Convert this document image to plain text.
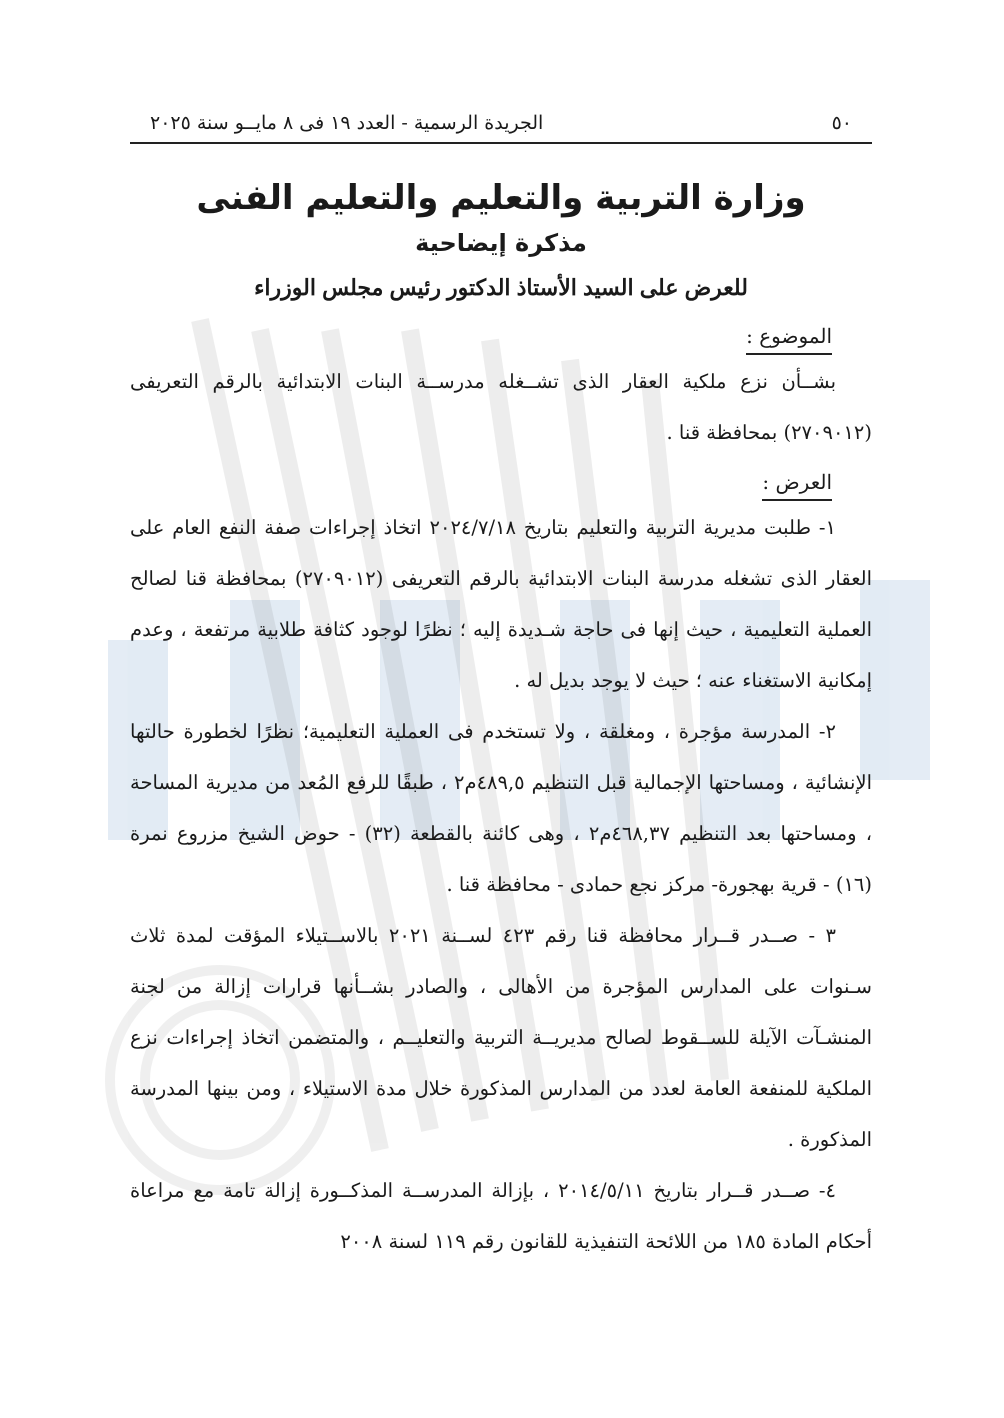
٥٠
الجريدة الرسمية - العدد ١٩ فى ٨ مايــو سنة ٢٠٢٥
وزارة التربية والتعليم والتعليم الفنى
مذكرة إيضاحية
للعرض على السيد الأستاذ الدكتور رئيس مجلس الوزراء
الموضوع :

بشــأن نزع ملكية العقار الذى تشــغله مدرســة البنات الابتدائية بالرقم التعريفى (٢٧٠٩٠١٢) بمحافظة قنا .

العرض :

١- طلبت مديرية التربية والتعليم بتاريخ ٢٠٢٤/٧/١٨ اتخاذ إجراءات صفة النفع العام على العقار الذى تشغله مدرسة البنات الابتدائية بالرقم التعريفى (٢٧٠٩٠١٢) بمحافظة قنا لصالح العملية التعليمية ، حيث إنها فى حاجة شـديدة إليه ؛ نظرًا لوجود كثافة طلابية مرتفعة ، وعدم إمكانية الاستغناء عنه ؛ حيث لا يوجد بديل له .

٢- المدرسة مؤجرة ، ومغلقة ، ولا تستخدم فى العملية التعليمية؛ نظرًا لخطورة حالتها الإنشائية ، ومساحتها الإجمالية قبل التنظيم ٤٨٩,٥م٢ ، طبقًا للرفع المُعد من مديرية المساحة ، ومساحتها بعد التنظيم ٤٦٨,٣٧م٢ ، وهى كائنة بالقطعة (٣٢) - حوض الشيخ مزروع نمرة (١٦) - قرية بهجورة- مركز نجع حمادى - محافظة قنا .

٣ - صــدر قــرار محافظة قنا رقم ٤٢٣ لســنة ٢٠٢١ بالاســتيلاء المؤقت لمدة ثلاث سـنوات على المدارس المؤجرة من الأهالى ، والصادر بشــأنها قرارات إزالة من لجنة المنشـآت الآيلة للســقوط لصالح مديريــة التربية والتعليــم ، والمتضمن اتخاذ إجراءات نزع الملكية للمنفعة العامة لعدد من المدارس المذكورة خلال مدة الاستيلاء ، ومن بينها المدرسة المذكورة .

٤- صــدر قــرار بتاريخ ٢٠١٤/٥/١١ ، بإزالة المدرســة المذكــورة إزالة تامة مع مراعاة أحكام المادة ١٨٥ من اللائحة التنفيذية للقانون رقم ١١٩ لسنة ٢٠٠٨
